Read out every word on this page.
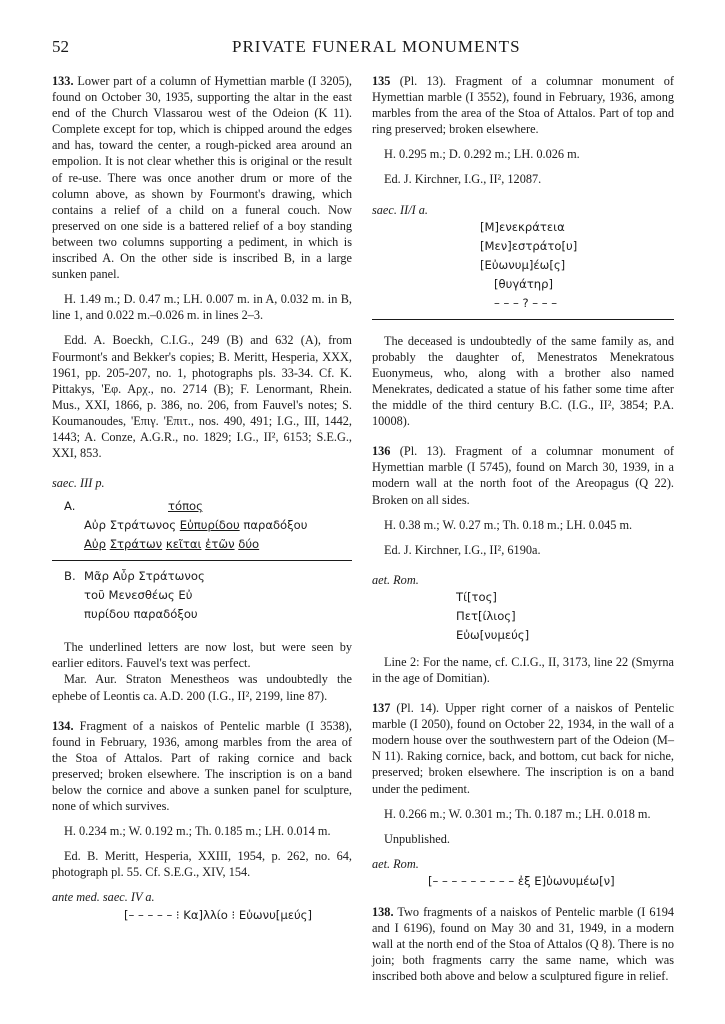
52	PRIVATE FUNERAL MONUMENTS

133. Lower part of a column of Hymettian marble (I 3205), found on October 30, 1935, supporting the altar in the east end of the Church Vlassarou west of the Odeion (K 11). Complete except for top, which is chipped around the edges and has, toward the center, a rough-picked area around an empolion. It is not clear whether this is original or the result of re-use. There was once another drum or more of the column above, as shown by Fourmont's drawing, which contains a relief of a child on a funeral couch. Now preserved on one side is a battered relief of a boy standing between two columns supporting a pediment, in which is inscribed A. On the other side is inscribed B, in a large sunken panel.

H. 1.49 m.; D. 0.47 m.; LH. 0.007 m. in A, 0.032 m. in B, line 1, and 0.022 m.–0.026 m. in lines 2–3.

Edd. A. Boeckh, C.I.G., 249 (B) and 632 (A), from Fourmont's and Bekker's copies; B. Meritt, Hesperia, XXX, 1961, pp. 205-207, no. 1, photographs pls. 33-34. Cf. K. Pittakys, 'Εφ. Αρχ., no. 2714 (B); F. Lenormant, Rhein. Mus., XXI, 1866, p. 386, no. 206, from Fauvel's notes; S. Koumanoudes, 'Επιγ. 'Επιτ., nos. 490, 491; I.G., III, 1442, 1443; A. Conze, A.G.R., no. 1829; I.G., II², 6153; S.E.G., XXI, 853.

saec. III p.

A.	τόπος
Αὐρ Στράτωνος Εὐπυρίδου παραδόξου
Αὐρ Στράτων κεῖται ἐτῶν δύο
B. Μᾶρ Αὖρ Στράτωνος
τοῦ Μενεσθέως Εὐ
πυρίδου παραδόξου

The underlined letters are now lost, but were seen by earlier editors. Fauvel's text was perfect.

Mar. Aur. Straton Menestheos was undoubtedly the ephebe of Leontis ca. A.D. 200 (I.G., II², 2199, line 87).

134. Fragment of a naiskos of Pentelic marble (I 3538), found in February, 1936, among marbles from the area of the Stoa of Attalos. Part of raking cornice and back preserved; broken elsewhere. The inscription is on a band below the cornice and above a sunken panel for sculpture, none of which survives.

H. 0.234 m.; W. 0.192 m.; Th. 0.185 m.; LH. 0.014 m.

Ed. B. Meritt, Hesperia, XXIII, 1954, p. 262, no. 64, photograph pl. 55. Cf. S.E.G., XIV, 154.

ante med. saec. IV a.

[– – – – – ⁝ Κα]λλίο ⁝ Εὐωνυ[μεύς]

135 (Pl. 13). Fragment of a columnar monument of Hymettian marble (I 3552), found in February, 1936, among marbles from the area of the Stoa of Attalos. Part of top and ring preserved; broken elsewhere.

H. 0.295 m.; D. 0.292 m.; LH. 0.026 m.

Ed. J. Kirchner, I.G., II², 12087.

saec. II/I a.

[Μ]ενεκράτεια
[Μεν]εστράτο[υ]
[Εὐωνυμ]έω[ς]
[θυγάτηρ]
– – – ? – – –

The deceased is undoubtedly of the same family as, and probably the daughter of, Menestratos Menekratous Euonymeus, who, along with a brother also named Menekrates, dedicated a statue of his father some time after the middle of the third century B.C. (I.G., II², 3854; P.A. 10008).

136 (Pl. 13). Fragment of a columnar monument of Hymettian marble (I 5745), found on March 30, 1939, in a modern wall at the north foot of the Areopagus (Q 22). Broken on all sides.

H. 0.38 m.; W. 0.27 m.; Th. 0.18 m.; LH. 0.045 m.

Ed. J. Kirchner, I.G., II², 6190a.

aet. Rom.

Τί[τος]
Πετ[ίλιος]
Εὐω[νυμεύς]

Line 2: For the name, cf. C.I.G., II, 3173, line 22 (Smyrna in the age of Domitian).

137 (Pl. 14). Upper right corner of a naiskos of Pentelic marble (I 2050), found on October 22, 1934, in the wall of a modern house over the southwestern part of the Odeion (M–N 11). Raking cornice, back, and bottom, cut back for niche, preserved; broken elsewhere. The inscription is on a band under the pediment.

H. 0.266 m.; W. 0.301 m.; Th. 0.187 m.; LH. 0.018 m.

Unpublished.

aet. Rom.

[– – – – – – – – – ἐξ Ε]ὐωνυμέω[ν]

138. Two fragments of a naiskos of Pentelic marble (I 6194 and I 6196), found on May 30 and 31, 1949, in a modern wall at the north end of the Stoa of Attalos (Q 8). There is no join; both fragments carry the same name, which was inscribed both above and below a sculptured figure in relief.
